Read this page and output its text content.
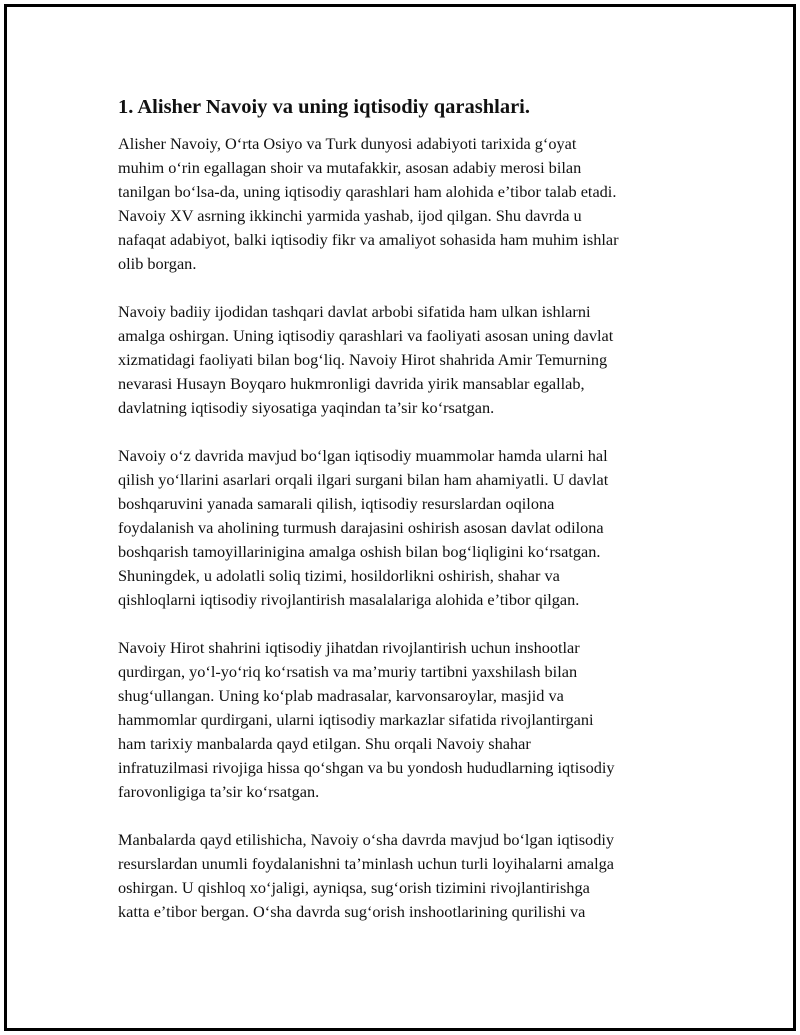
1. Alisher Navoiy va uning iqtisodiy qarashlari.

Alisher Navoiy, O‘rta Osiyo va Turk dunyosi adabiyoti tarixida g‘oyat
muhim o‘rin egallagan shoir va mutafakkir, asosan adabiy merosi bilan
tanilgan bo‘lsa-da, uning iqtisodiy qarashlari ham alohida e’tibor talab etadi.
Navoiy XV asrning ikkinchi yarmida yashab, ijod qilgan. Shu davrda u
nafaqat adabiyot, balki iqtisodiy fikr va amaliyot sohasida ham muhim ishlar
olib borgan.

Navoiy badiiy ijodidan tashqari davlat arbobi sifatida ham ulkan ishlarni
amalga oshirgan. Uning iqtisodiy qarashlari va faoliyati asosan uning davlat
xizmatidagi faoliyati bilan bog‘liq. Navoiy Hirot shahrida Amir Temurning
nevarasi Husayn Boyqaro hukmronligi davrida yirik mansablar egallab,
davlatning iqtisodiy siyosatiga yaqindan ta’sir ko‘rsatgan.

Navoiy o‘z davrida mavjud bo‘lgan iqtisodiy muammolar hamda ularni hal
qilish yo‘llarini asarlari orqali ilgari surgani bilan ham ahamiyatli. U davlat
boshqaruvini yanada samarali qilish, iqtisodiy resurslardan oqilona
foydalanish va aholining turmush darajasini oshirish asosan davlat odilona
boshqarish tamoyillarinigina amalga oshish bilan bog‘liqligini ko‘rsatgan.
Shuningdek, u adolatli soliq tizimi, hosildorlikni oshirish, shahar va
qishloqlarni iqtisodiy rivojlantirish masalalariga alohida e’tibor qilgan.

Navoiy Hirot shahrini iqtisodiy jihatdan rivojlantirish uchun inshootlar
qurdirgan, yo‘l-yo‘riq ko‘rsatish va ma’muriy tartibni yaxshilash bilan
shug‘ullangan. Uning ko‘plab madrasalar, karvonsaroylar, masjid va
hammomlar qurdirgani, ularni iqtisodiy markazlar sifatida rivojlantirgani
ham tarixiy manbalarda qayd etilgan. Shu orqali Navoiy shahar
infratuzilmasi rivojiga hissa qo‘shgan va bu yondosh hududlarning iqtisodiy
farovonligiga ta’sir ko‘rsatgan.

Manbalarda qayd etilishicha, Navoiy o‘sha davrda mavjud bo‘lgan iqtisodiy
resurslardan unumli foydalanishni ta’minlash uchun turli loyihalarni amalga
oshirgan. U qishloq xo‘jaligi, ayniqsa, sug‘orish tizimini rivojlantirishga
katta e’tibor bergan. O‘sha davrda sug‘orish inshootlarining qurilishi va
